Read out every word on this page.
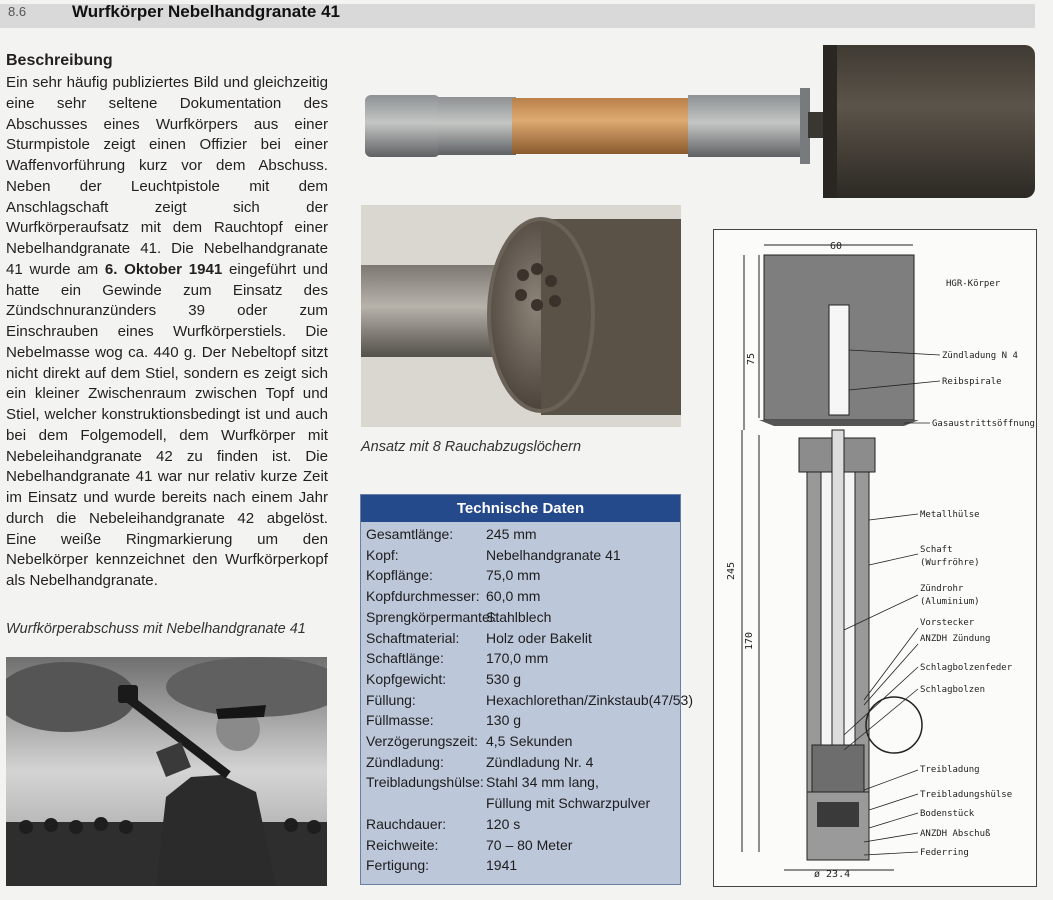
8.6	Wurfkörper Nebelhandgranate 41
Beschreibung
Ein sehr häufig publiziertes Bild und gleichzeitig eine sehr seltene Dokumentation des Abschusses eines Wurfkörpers aus einer Sturmpistole zeigt einen Offizier bei einer Waffenvorführung kurz vor dem Abschuss. Neben der Leuchtpistole mit dem Anschlagschaft zeigt sich der Wurfkörperaufsatz mit dem Rauchtopf einer Nebelhandgranate 41. Die Nebelhandgranate 41 wurde am 6. Oktober 1941 eingeführt und hatte ein Gewinde zum Einsatz des Zündschnuranzünders 39 oder zum Einschrauben eines Wurfkörperstiels. Die Nebelmasse wog ca. 440 g. Der Nebeltopf sitzt nicht direkt auf dem Stiel, sondern es zeigt sich ein kleiner Zwischenraum zwischen Topf und Stiel, welcher konstruktionsbedingt ist und auch bei dem Folgemodell, dem Wurfkörper mit Nebeleihandgranate 42 zu finden ist. Die Nebelhandgranate 41 war nur relativ kurze Zeit im Einsatz und wurde bereits nach einem Jahr durch die Nebeleihandgranate 42 abgelöst. Eine weiße Ringmarkierung um den Nebelkörper kennzeichnet den Wurfkörperkopf als Nebelhandgranate.
Ansatz mit 8 Rauchabzugslöchern
Wurfkörperabschuss mit Nebelhandgranate 41
Technische Daten
Gesamtlänge:	245 mm
Kopf:	Nebelhandgranate 41
Kopflänge:	75,0 mm
Kopfdurchmesser: 60,0 mm
Sprengkörpermantel:
Stahlblech
Schaftmaterial:	Holz oder Bakelit
Schaftlänge:	170,0 mm
Kopfgewicht:	530 g
Füllung:	Hexachlorethan/Zinkstaub(47/53)
Füllmasse:	130 g
Verzögerungszeit: 4,5 Sekunden
Zündladung:	Zündladung Nr. 4
Treibladungshülse: Stahl 34 mm lang,
Füllung mit Schwarzpulver
Rauchdauer:	120 s
Reichweite:	70 – 80 Meter
Fertigung:	1941
60
75
245
170
ø 23.4
HGR-Körper
Zündladung N 4
Reibspirale
Gasaustrittsöffnung
Metallhülse
Schaft
(Wurfröhre)
Zündrohr
(Aluminium)
Vorstecker
ANZDH Zündung
Schlagbolzenfeder
Schlagbolzen
Treibladung
Treibladungshülse
Bodenstück
ANZDH Abschuß
Federring
